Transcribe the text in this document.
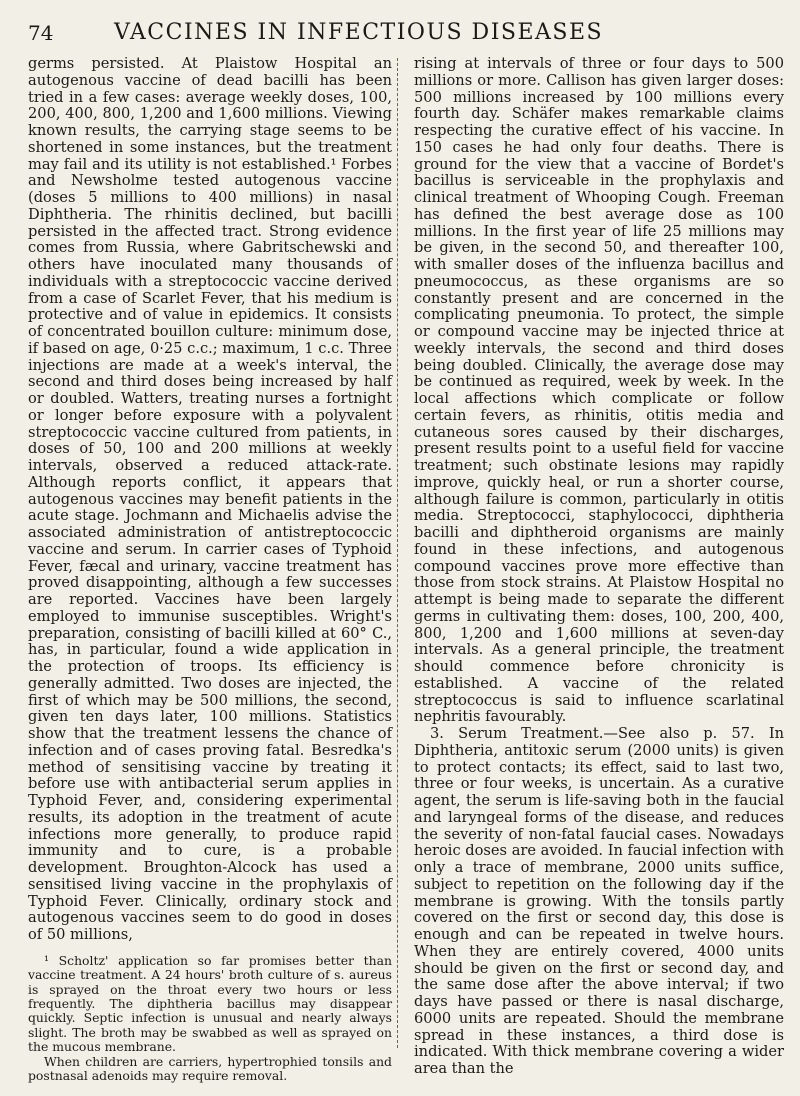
74	VACCINES IN INFECTIOUS DISEASES

germs persisted. At Plaistow Hospital an autogenous vaccine of dead bacilli has been tried in a few cases: average weekly doses, 100, 200, 400, 800, 1,200 and 1,600 millions. Viewing known results, the carrying stage seems to be shortened in some instances, but the treatment may fail and its utility is not established.¹ Forbes and Newsholme tested autogenous vaccine (doses 5 millions to 400 millions) in nasal Diphtheria. The rhinitis declined, but bacilli persisted in the affected tract. Strong evidence comes from Russia, where Gabritschewski and others have inoculated many thousands of individuals with a streptococcic vaccine derived from a case of Scarlet Fever, that his medium is protective and of value in epidemics. It consists of concentrated bouillon culture: minimum dose, if based on age, 0·25 c.c.; maximum, 1 c.c. Three injections are made at a week's interval, the second and third doses being increased by half or doubled. Watters, treating nurses a fortnight or longer before exposure with a polyvalent streptococcic vaccine cultured from patients, in doses of 50, 100 and 200 millions at weekly intervals, observed a reduced attack-rate. Although reports conflict, it appears that autogenous vaccines may benefit patients in the acute stage. Jochmann and Michaelis advise the associated administration of antistreptococcic vaccine and serum. In carrier cases of Typhoid Fever, fæcal and urinary, vaccine treatment has proved disappointing, although a few successes are reported. Vaccines have been largely employed to immunise susceptibles. Wright's preparation, consisting of bacilli killed at 60° C., has, in particular, found a wide application in the protection of troops. Its efficiency is generally admitted. Two doses are injected, the first of which may be 500 millions, the second, given ten days later, 100 millions. Statistics show that the treatment lessens the chance of infection and of cases proving fatal. Besredka's method of sensitising vaccine by treating it before use with antibacterial serum applies in Typhoid Fever, and, considering experimental results, its adoption in the treatment of acute infections more generally, to produce rapid immunity and to cure, is a probable development. Broughton-Alcock has used a sensitised living vaccine in the prophylaxis of Typhoid Fever. Clinically, ordinary stock and autogenous vaccines seem to do good in doses of 50 millions,

¹ Scholtz' application so far promises better than vaccine treatment. A 24 hours' broth culture of s. aureus is sprayed on the throat every two hours or less frequently. The diphtheria bacillus may disappear quickly. Septic infection is unusual and nearly always slight. The broth may be swabbed as well as sprayed on the mucous membrane.

When children are carriers, hypertrophied tonsils and postnasal adenoids may require removal.

rising at intervals of three or four days to 500 millions or more. Callison has given larger doses: 500 millions increased by 100 millions every fourth day. Schäfer makes remarkable claims respecting the curative effect of his vaccine. In 150 cases he had only four deaths. There is ground for the view that a vaccine of Bordet's bacillus is serviceable in the prophylaxis and clinical treatment of Whooping Cough. Freeman has defined the best average dose as 100 millions. In the first year of life 25 millions may be given, in the second 50, and thereafter 100, with smaller doses of the influenza bacillus and pneumococcus, as these organisms are so constantly present and are concerned in the complicating pneumonia. To protect, the simple or compound vaccine may be injected thrice at weekly intervals, the second and third doses being doubled. Clinically, the average dose may be continued as required, week by week. In the local affections which complicate or follow certain fevers, as rhinitis, otitis media and cutaneous sores caused by their discharges, present results point to a useful field for vaccine treatment; such obstinate lesions may rapidly improve, quickly heal, or run a shorter course, although failure is common, particularly in otitis media. Streptococci, staphylococci, diphtheria bacilli and diphtheroid organisms are mainly found in these infections, and autogenous compound vaccines prove more effective than those from stock strains. At Plaistow Hospital no attempt is being made to separate the different germs in cultivating them: doses, 100, 200, 400, 800, 1,200 and 1,600 millions at seven-day intervals. As a general principle, the treatment should commence before chronicity is established. A vaccine of the related streptococcus is said to influence scarlatinal nephritis favourably.

3. Serum Treatment.—See also p. 57. In Diphtheria, antitoxic serum (2000 units) is given to protect contacts; its effect, said to last two, three or four weeks, is uncertain. As a curative agent, the serum is life-saving both in the faucial and laryngeal forms of the disease, and reduces the severity of non-fatal faucial cases. Nowadays heroic doses are avoided. In faucial infection with only a trace of membrane, 2000 units suffice, subject to repetition on the following day if the membrane is growing. With the tonsils partly covered on the first or second day, this dose is enough and can be repeated in twelve hours. When they are entirely covered, 4000 units should be given on the first or second day, and the same dose after the above interval; if two days have passed or there is nasal discharge, 6000 units are repeated. Should the membrane spread in these instances, a third dose is indicated. With thick membrane covering a wider area than the
